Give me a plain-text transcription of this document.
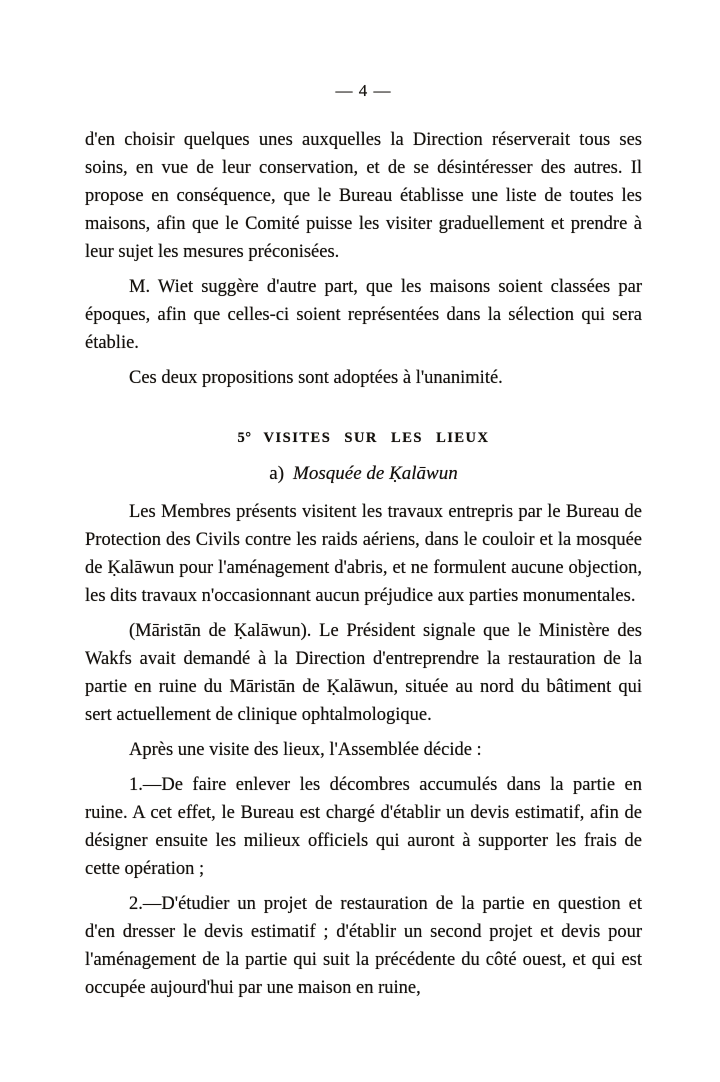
— 4 —

d'en choisir quelques unes auxquelles la Direction réserverait tous ses soins, en vue de leur conservation, et de se désintéresser des autres. Il propose en conséquence, que le Bureau établisse une liste de toutes les maisons, afin que le Comité puisse les visiter graduellement et prendre à leur sujet les mesures préconisées.

M. Wiet suggère d'autre part, que les maisons soient classées par époques, afin que celles-ci soient représentées dans la sélection qui sera établie.

Ces deux propositions sont adoptées à l'unanimité.

5° VISITES SUR LES LIEUX
a) Mosquée de Ḳalāwun

Les Membres présents visitent les travaux entrepris par le Bureau de Protection des Civils contre les raids aériens, dans le couloir et la mosquée de Ḳalāwun pour l'aménagement d'abris, et ne formulent aucune objection, les dits travaux n'occasionnant aucun préjudice aux parties monumentales.

(Māristān de Ḳalāwun). Le Président signale que le Ministère des Wakfs avait demandé à la Direction d'entreprendre la restauration de la partie en ruine du Māristān de Ḳalāwun, située au nord du bâtiment qui sert actuellement de clinique ophtalmologique.

Après une visite des lieux, l'Assemblée décide :

1.—De faire enlever les décombres accumulés dans la partie en ruine. A cet effet, le Bureau est chargé d'établir un devis estimatif, afin de désigner ensuite les milieux officiels qui auront à supporter les frais de cette opération ;

2.—D'étudier un projet de restauration de la partie en question et d'en dresser le devis estimatif ; d'établir un second projet et devis pour l'aménagement de la partie qui suit la précédente du côté ouest, et qui est occupée aujourd'hui par une maison en ruine,
